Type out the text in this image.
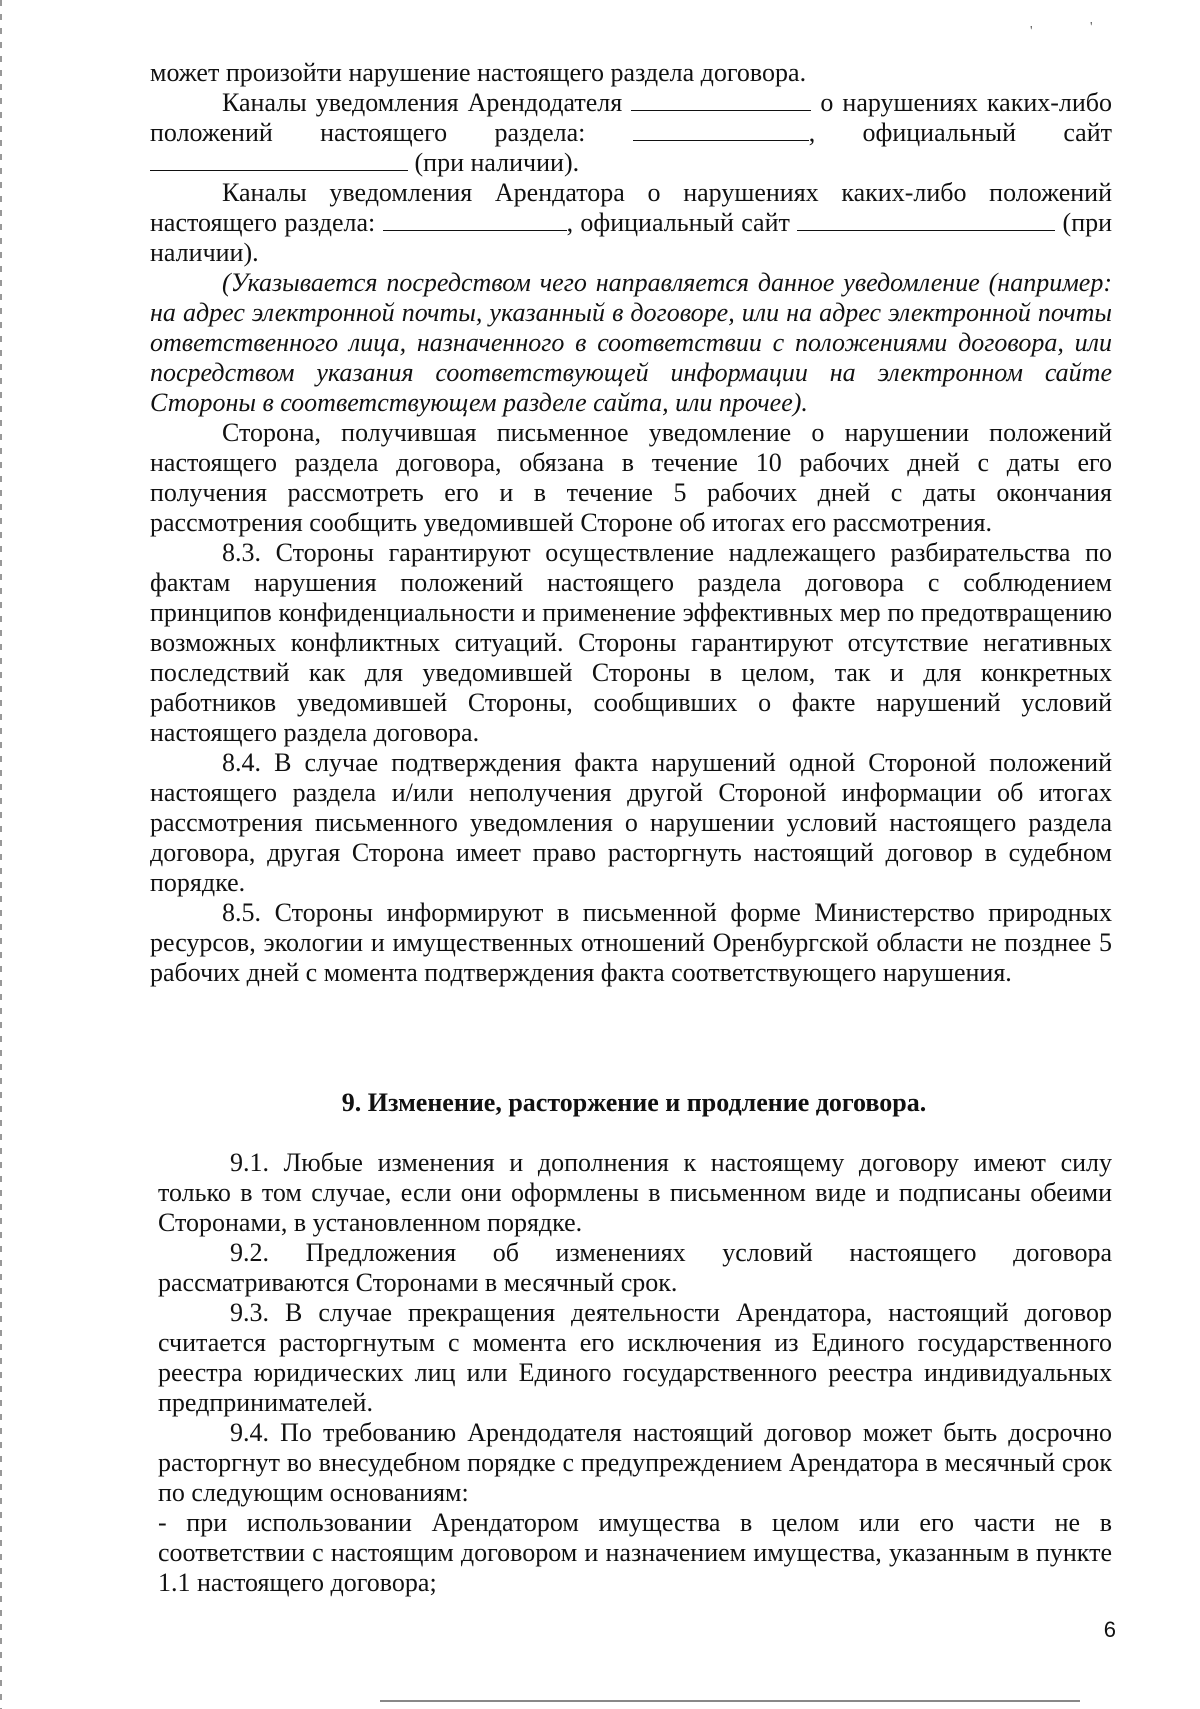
'	'

может произойти нарушение настоящего раздела договора.

Каналы уведомления Арендодателя	о нарушениях каких-либо положений настоящего раздела:	, официальный сайт  (при наличии).

Каналы уведомления Арендатора о нарушениях каких-либо положений настоящего раздела:	, официальный сайт	(при наличии).

(Указывается посредством чего направляется данное уведомление (например: на адрес электронной почты, указанный в договоре, или на адрес электронной почты ответственного лица, назначенного в соответствии с положениями договора, или посредством указания соответствующей информации на электронном сайте Стороны в соответствующем разделе сайта, или прочее).

Сторона, получившая письменное уведомление о нарушении положений настоящего раздела договора, обязана в течение 10 рабочих дней с даты его получения рассмотреть его и в течение 5 рабочих дней с даты окончания рассмотрения сообщить уведомившей Стороне об итогах его рассмотрения.

8.3. Стороны гарантируют осуществление надлежащего разбирательства по фактам нарушения положений настоящего раздела договора с соблюдением принципов конфиденциальности и применение эффективных мер по предотвращению возможных конфликтных ситуаций. Стороны гарантируют отсутствие негативных последствий как для уведомившей Стороны в целом, так и для конкретных работников уведомившей Стороны, сообщивших о факте нарушений условий настоящего раздела договора.

8.4. В случае подтверждения факта нарушений одной Стороной положений настоящего раздела и/или неполучения другой Стороной информации об итогах рассмотрения письменного уведомления о нарушении условий настоящего раздела договора, другая Сторона имеет право расторгнуть настоящий договор в судебном порядке.

8.5. Стороны информируют в письменной форме Министерство природных ресурсов, экологии и имущественных отношений Оренбургской области не позднее 5 рабочих дней с момента подтверждения факта соответствующего нарушения.

9. Изменение, расторжение и продление договора.

9.1. Любые изменения и дополнения к настоящему договору имеют силу только в том случае, если они оформлены в письменном виде и подписаны обеими Сторонами, в установленном порядке.

9.2. Предложения об изменениях условий настоящего договора рассматриваются Сторонами в месячный срок.

9.3. В случае прекращения деятельности Арендатора, настоящий договор считается расторгнутым с момента его исключения из Единого государственного реестра юридических лиц или Единого государственного реестра индивидуальных предпринимателей.

9.4. По требованию Арендодателя настоящий договор может быть досрочно расторгнут во внесудебном порядке с предупреждением Арендатора в месячный срок по следующим основаниям:

- при использовании Арендатором имущества в целом или его части не в соответствии с настоящим договором и назначением имущества, указанным в пункте 1.1 настоящего договора;

6
